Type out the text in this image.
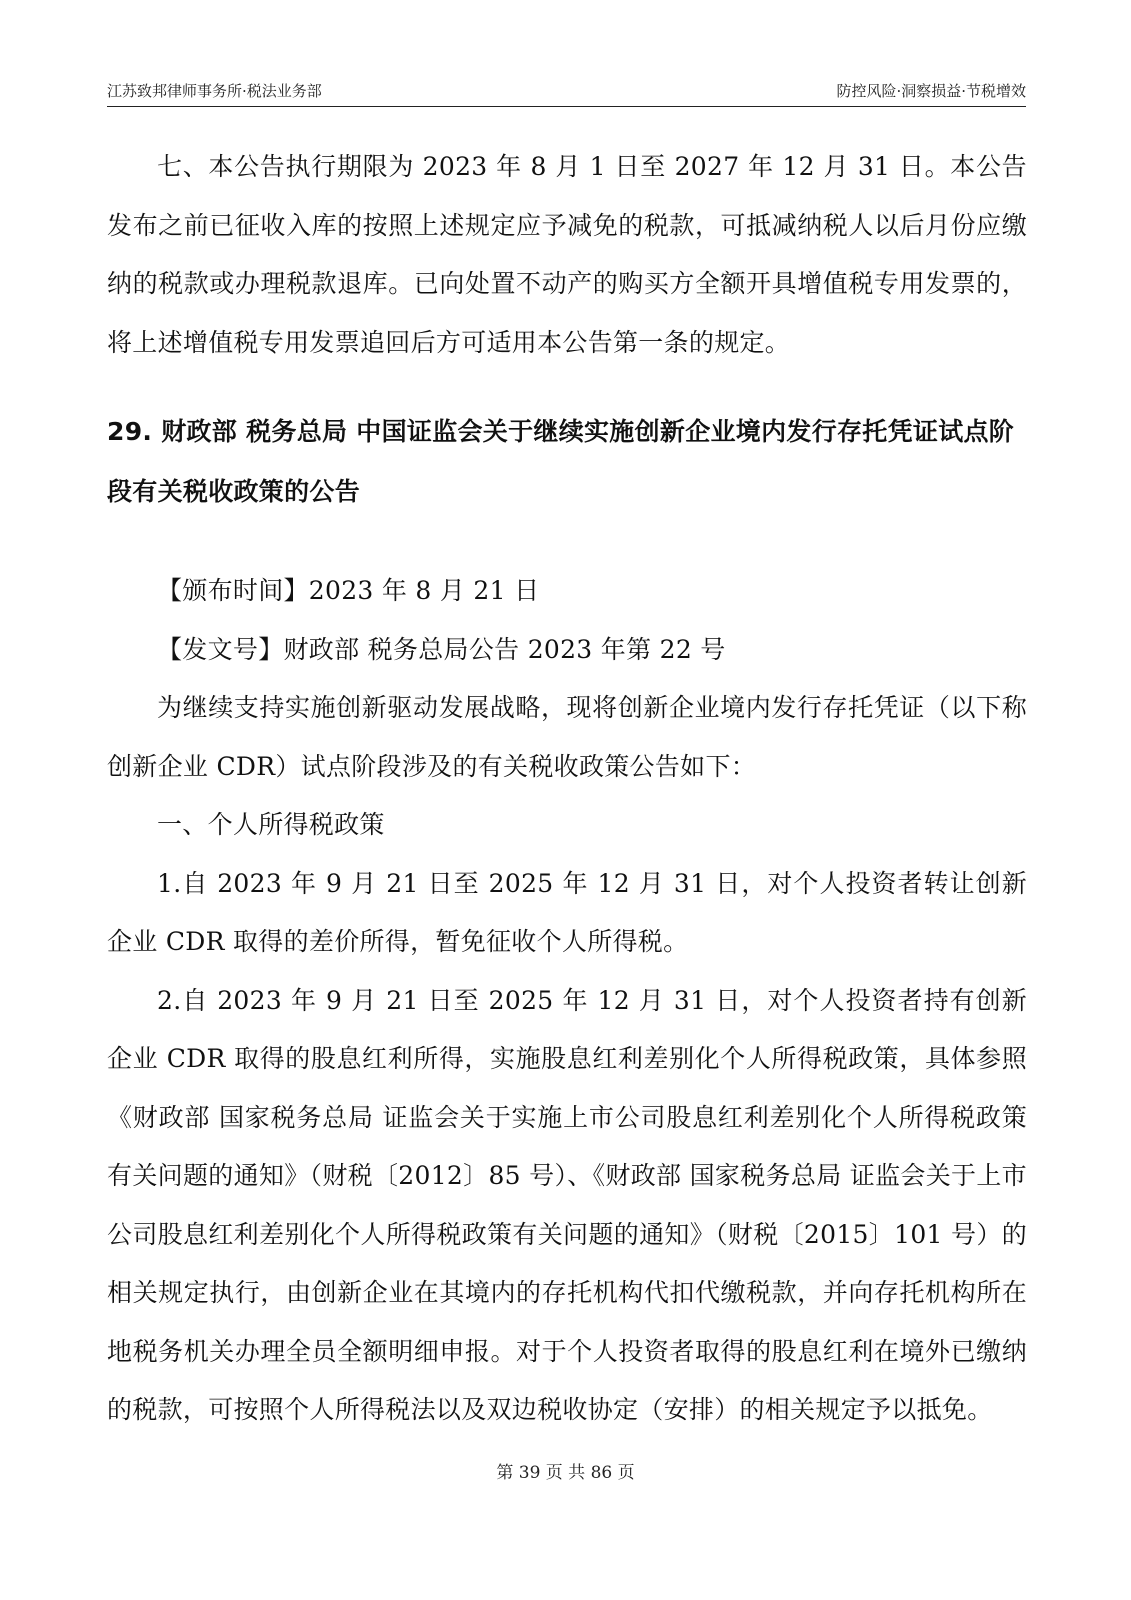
江苏致邦律师事务所·税法业务部	防控风险·洞察损益·节税增效

七、本公告执行期限为 2023 年 8 月 1 日至 2027 年 12 月 31 日。本公告发布之前已征收入库的按照上述规定应予减免的税款，可抵减纳税人以后月份应缴纳的税款或办理税款退库。已向处置不动产的购买方全额开具增值税专用发票的，将上述增值税专用发票追回后方可适用本公告第一条的规定。

29. 财政部 税务总局 中国证监会关于继续实施创新企业境内发行存托凭证试点阶段有关税收政策的公告

【颁布时间】2023 年 8 月 21 日

【发文号】财政部 税务总局公告 2023 年第 22 号

为继续支持实施创新驱动发展战略，现将创新企业境内发行存托凭证（以下称创新企业 CDR）试点阶段涉及的有关税收政策公告如下：

一、个人所得税政策

1.自 2023 年 9 月 21 日至 2025 年 12 月 31 日，对个人投资者转让创新企业 CDR 取得的差价所得，暂免征收个人所得税。

2.自 2023 年 9 月 21 日至 2025 年 12 月 31 日，对个人投资者持有创新企业 CDR 取得的股息红利所得，实施股息红利差别化个人所得税政策，具体参照《财政部 国家税务总局 证监会关于实施上市公司股息红利差别化个人所得税政策有关问题的通知》（财税〔2012〕85 号）、《财政部 国家税务总局 证监会关于上市公司股息红利差别化个人所得税政策有关问题的通知》（财税〔2015〕101 号）的相关规定执行，由创新企业在其境内的存托机构代扣代缴税款，并向存托机构所在地税务机关办理全员全额明细申报。对于个人投资者取得的股息红利在境外已缴纳的税款，可按照个人所得税法以及双边税收协定（安排）的相关规定予以抵免。

第 39 页 共 86 页
